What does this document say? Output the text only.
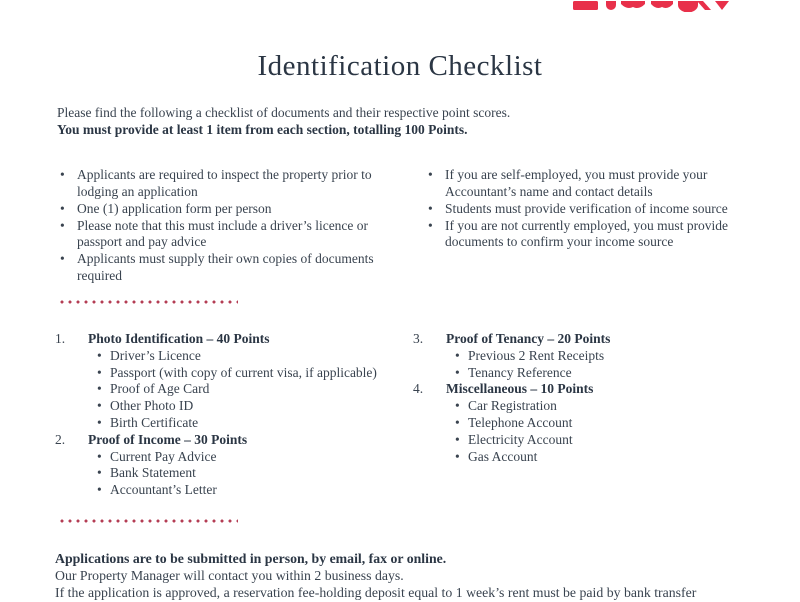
Identification Checklist
Please find the following a checklist of documents and their respective point scores.
You must provide at least 1 item from each section, totalling 100 Points.
• Applicants are required to inspect the property prior to lodging an application
• One (1) application form per person
• Please note that this must include a driver’s licence or passport and pay advice
• Applicants must supply their own copies of documents required
• If you are self-employed, you must provide your Accountant’s name and contact details
• Students must provide verification of income source
• If you are not currently employed, you must provide documents to confirm your income source
1.	Photo Identification – 40 Points
• Driver’s Licence
• Passport (with copy of current visa, if applicable)
• Proof of Age Card
• Other Photo ID
• Birth Certificate
2.	Proof of Income – 30 Points
• Current Pay Advice
• Bank Statement
• Accountant’s Letter
3.	Proof of Tenancy – 20 Points
• Previous 2 Rent Receipts
• Tenancy Reference
4.	Miscellaneous – 10 Points
• Car Registration
• Telephone Account
• Electricity Account
• Gas Account
Applications are to be submitted in person, by email, fax or online.
Our Property Manager will contact you within 2 business days.
If the application is approved, a reservation fee-holding deposit equal to 1 week’s rent must be paid by bank transfer
